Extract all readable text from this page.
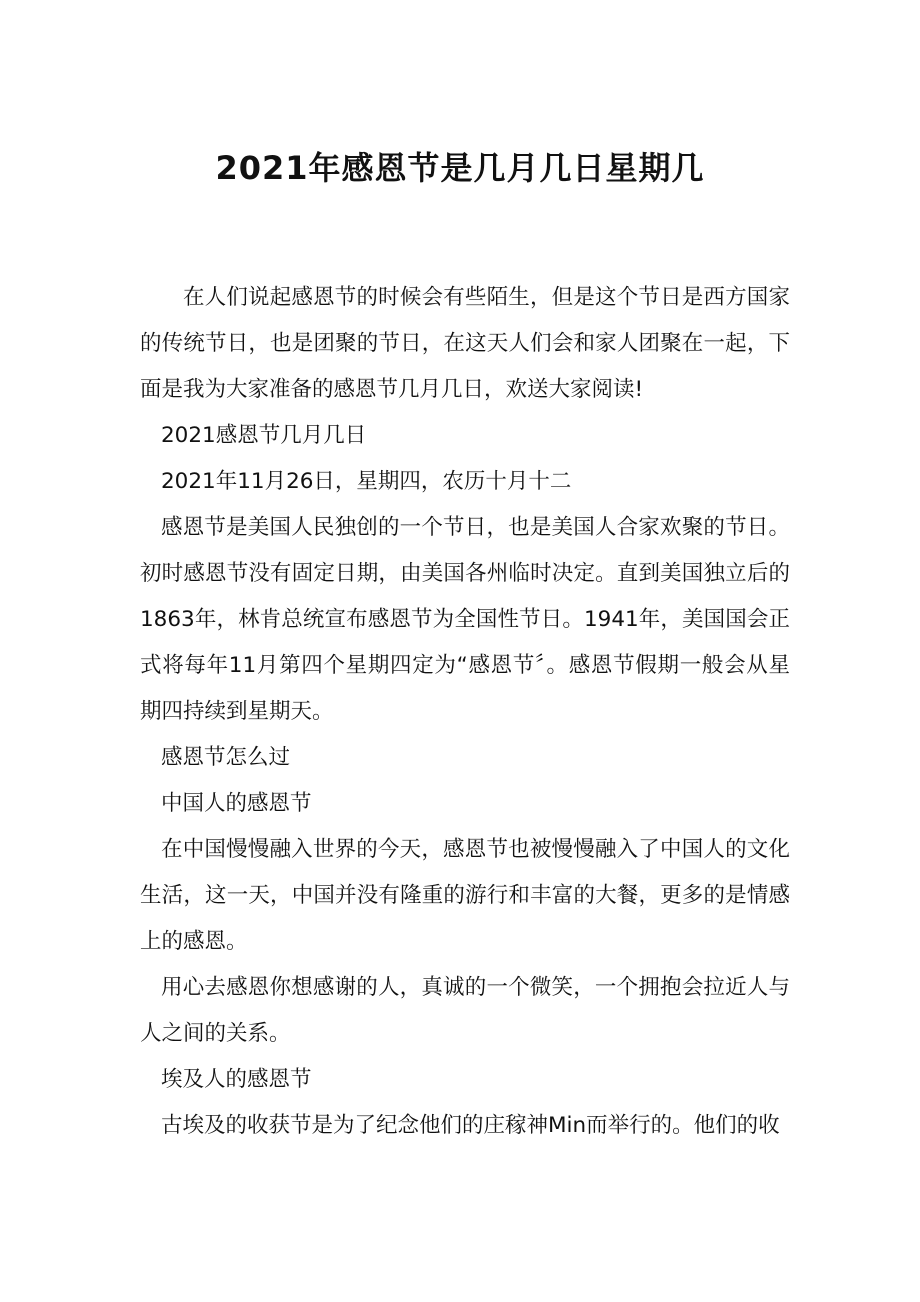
2021年感恩节是几月几日星期几

在人们说起感恩节的时候会有些陌生，但是这个节日是西方国家的传统节日，也是团聚的节日，在这天人们会和家人团聚在一起，下面是我为大家准备的感恩节几月几日，欢送大家阅读!

2021感恩节几月几日

2021年11月26日，星期四，农历十月十二

感恩节是美国人民独创的一个节日，也是美国人合家欢聚的节日。初时感恩节没有固定日期，由美国各州临时决定。直到美国独立后的1863年，林肯总统宣布感恩节为全国性节日。1941年，美国国会正式将每年11月第四个星期四定为“感恩节〞。感恩节假期一般会从星期四持续到星期天。

感恩节怎么过

中国人的感恩节

在中国慢慢融入世界的今天，感恩节也被慢慢融入了中国人的文化生活，这一天，中国并没有隆重的游行和丰富的大餐，更多的是情感上的感恩。

用心去感恩你想感谢的人，真诚的一个微笑，一个拥抱会拉近人与人之间的关系。

埃及人的感恩节

古埃及的收获节是为了纪念他们的庄稼神Min而举行的。他们的收
